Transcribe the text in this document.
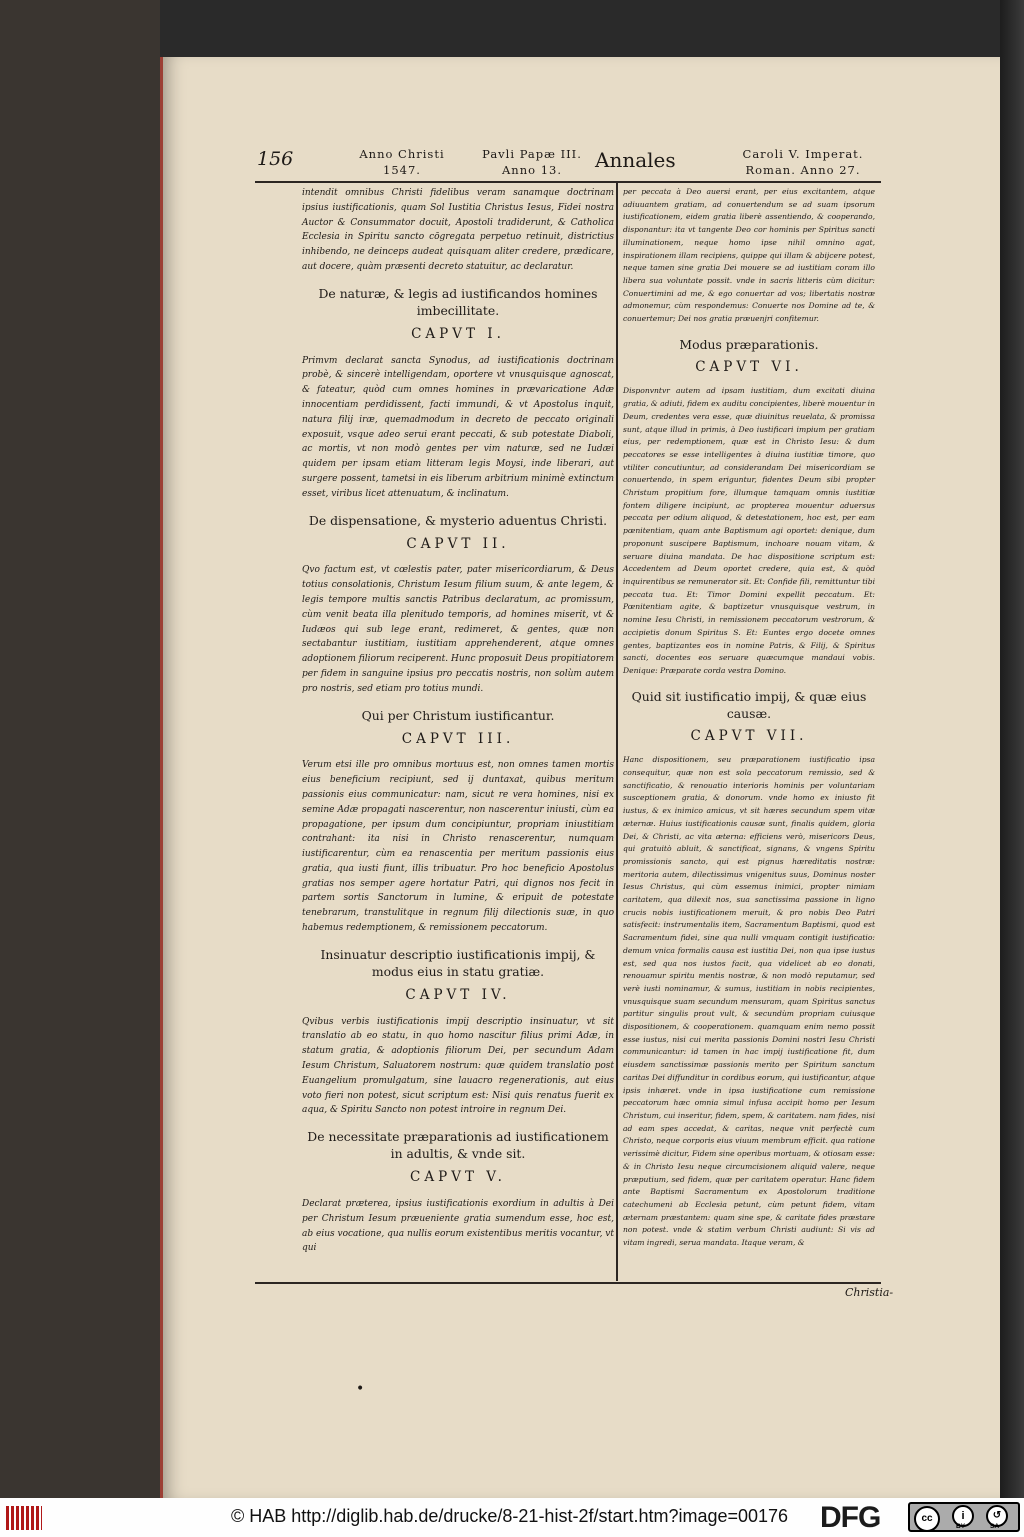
156	Anno Christi
1547.
Pavli Papæ III.
Anno 13.	Annales	Caroli V. Imperat.
Roman. Anno 27.

intendit omnibus Christi fidelibus veram sanamque doctrinam ipsius iustificationis, quam Sol Iustitia Christus Iesus, Fidei nostra Auctor & Consummator docuit, Apostoli tradiderunt, & Catholica Ecclesia in Spiritu sancto cōgregata perpetuo retinuit, districtius inhibendo, ne deinceps audeat quisquam aliter credere, prædicare, aut docere, quàm præsenti decreto statuitur, ac declaratur.

De naturæ, & legis ad iustificandos homines imbecillitate.

CAPVT I.

Primvm declarat sancta Synodus, ad iustificationis doctrinam probè, & sincerè intelligendam, oportere vt vnusquisque agnoscat, & fateatur, quòd cum omnes homines in prævaricatione Adæ innocentiam perdidissent, facti immundi, & vt Apostolus inquit, natura filij iræ, quemadmodum in decreto de peccato originali exposuit, vsque adeo serui erant peccati, & sub potestate Diaboli, ac mortis, vt non modò gentes per vim naturæ, sed ne Iudæi quidem per ipsam etiam litteram legis Moysi, inde liberari, aut surgere possent, tametsi in eis liberum arbitrium minimè extinctum esset, viribus licet attenuatum, & inclinatum.

De dispensatione, & mysterio aduentus Christi.

CAPVT II.

Qvo factum est, vt cœlestis pater, pater misericordiarum, & Deus totius consolationis, Christum Iesum filium suum, & ante legem, & legis tempore multis sanctis Patribus declaratum, ac promissum, cùm venit beata illa plenitudo temporis, ad homines miserit, vt & Iudæos qui sub lege erant, redimeret, & gentes, quæ non sectabantur iustitiam, iustitiam apprehenderent, atque omnes adoptionem filiorum reciperent. Hunc proposuit Deus propitiatorem per fidem in sanguine ipsius pro peccatis nostris, non solùm autem pro nostris, sed etiam pro totius mundi.

Qui per Christum iustificantur.

CAPVT III.

Verum etsi ille pro omnibus mortuus est, non omnes tamen mortis eius beneficium recipiunt, sed ij duntaxat, quibus meritum passionis eius communicatur: nam, sicut re vera homines, nisi ex semine Adæ propagati nascerentur, non nascerentur iniusti, cùm ea propagatione, per ipsum dum concipiuntur, propriam iniustitiam contrahant: ita nisi in Christo renascerentur, numquam iustificarentur, cùm ea renascentia per meritum passionis eius gratia, qua iusti fiunt, illis tribuatur. Pro hoc beneficio Apostolus gratias nos semper agere hortatur Patri, qui dignos nos fecit in partem sortis Sanctorum in lumine, & eripuit de potestate tenebrarum, transtulitque in regnum filij dilectionis suæ, in quo habemus redemptionem, & remissionem peccatorum.

Insinuatur descriptio iustificationis impij, & modus eius in statu gratiæ.

CAPVT IV.

Qvibus verbis iustificationis impij descriptio insinuatur, vt sit translatio ab eo statu, in quo homo nascitur filius primi Adæ, in statum gratia, & adoptionis filiorum Dei, per secundum Adam Iesum Christum, Saluatorem nostrum: quæ quidem translatio post Euangelium promulgatum, sine lauacro regenerationis, aut eius voto fieri non potest, sicut scriptum est: Nisi quis renatus fuerit ex aqua, & Spiritu Sancto non potest introire in regnum Dei.

De necessitate præparationis ad iustificationem in adultis, & vnde sit.

CAPVT V.

Declarat præterea, ipsius iustificationis exordium in adultis à Dei per Christum Iesum præueniente gratia sumendum esse, hoc est, ab eius vocatione, qua nullis eorum existentibus meritis vocantur, vt qui

per peccata à Deo auersi erant, per eius excitantem, atque adiuuantem gratiam, ad conuertendum se ad suam ipsorum iustificationem, eidem gratia liberè assentiendo, & cooperando, disponantur: ita vt tangente Deo cor hominis per Spiritus sancti illuminationem, neque homo ipse nihil omnino agat, inspirationem illam recipiens, quippe qui illam & abijcere potest, neque tamen sine gratia Dei mouere se ad iustitiam coram illo libera sua voluntate possit. vnde in sacris litteris cùm dicitur: Conuertimini ad me, & ego conuertar ad vos; libertatis nostræ admonemur, cùm respondemus: Conuerte nos Domine ad te, & conuertemur; Dei nos gratia præuenjri confitemur.

Modus præparationis.

CAPVT VI.

Disponvntvr autem ad ipsam iustitiam, dum excitati diuina gratia, & adiuti, fidem ex auditu concipientes, liberè mouentur in Deum, credentes vera esse, quæ diuinitus reuelata, & promissa sunt, atque illud in primis, à Deo iustificari impium per gratiam eius, per redemptionem, quæ est in Christo Iesu: & dum peccatores se esse intelligentes à diuina iustitiæ timore, quo vtiliter concutiuntur, ad considerandam Dei misericordiam se conuertendo, in spem eriguntur, fidentes Deum sibi propter Christum propitium fore, illumque tamquam omnis iustitiæ fontem diligere incipiunt, ac propterea mouentur aduersus peccata per odium aliquod, & detestationem, hoc est, per eam pœnitentiam, quam ante Baptismum agi oportet: denique, dum proponunt suscipere Baptismum, inchoare nouam vitam, & seruare diuina mandata. De hac dispositione scriptum est: Accedentem ad Deum oportet credere, quia est, & quòd inquirentibus se remunerator sit. Et: Confide fili, remittuntur tibi peccata tua. Et: Timor Domini expellit peccatum. Et: Pœnitentiam agite, & baptizetur vnusquisque vestrum, in nomine Iesu Christi, in remissionem peccatorum vestrorum, & accipietis donum Spiritus S. Et: Euntes ergo docete omnes gentes, baptizantes eos in nomine Patris, & Filij, & Spiritus sancti, docentes eos seruare quæcumque mandaui vobis. Denique: Præparate corda vestra Domino.

Quid sit iustificatio impij, & quæ eius causæ.

CAPVT VII.

Hanc dispositionem, seu præparationem iustificatio ipsa consequitur, quæ non est sola peccatorum remissio, sed & sanctificatio, & renouatio interioris hominis per voluntariam susceptionem gratia, & donorum. vnde homo ex iniusto fit iustus, & ex inimico amicus, vt sit hæres secundum spem vitæ æternæ. Huius iustificationis causæ sunt, finalis quidem, gloria Dei, & Christi, ac vita æterna: efficiens verò, misericors Deus, qui gratuitò abluit, & sanctificat, signans, & vngens Spiritu promissionis sancto, qui est pignus hæreditatis nostræ: meritoria autem, dilectissimus vnigenitus suus, Dominus noster Iesus Christus, qui cùm essemus inimici, propter nimiam caritatem, qua dilexit nos, sua sanctissima passione in ligno crucis nobis iustificationem meruit, & pro nobis Deo Patri satisfecit: instrumentalis item, Sacramentum Baptismi, quod est Sacramentum fidei, sine qua nulli vmquam contigit iustificatio: demum vnica formalis causa est iustitia Dei, non qua ipse iustus est, sed qua nos iustos facit, qua videlicet ab eo donati, renouamur spiritu mentis nostræ, & non modò reputamur, sed verè iusti nominamur, & sumus, iustitiam in nobis recipientes, vnusquisque suam secundum mensuram, quam Spiritus sanctus partitur singulis prout vult, & secundùm propriam cuiusque dispositionem, & cooperationem. quamquam enim nemo possit esse iustus, nisi cui merita passionis Domini nostri Iesu Christi communicantur: id tamen in hac impij iustificatione fit, dum eiusdem sanctissimæ passionis merito per Spiritum sanctum caritas Dei diffunditur in cordibus eorum, qui iustificantur, atque ipsis inhæret. vnde in ipsa iustificatione cum remissione peccatorum hæc omnia simul infusa accipit homo per Iesum Christum, cui inseritur, fidem, spem, & caritatem. nam fides, nisi ad eam spes accedat, & caritas, neque vnit perfectè cum Christo, neque corporis eius viuum membrum efficit. qua ratione verissimè dicitur, Fidem sine operibus mortuam, & otiosam esse: & in Christo Iesu neque circumcisionem aliquid valere, neque præputium, sed fidem, quæ per caritatem operatur. Hanc fidem ante Baptismi Sacramentum ex Apostolorum traditione catechumeni ab Ecclesia petunt, cùm petunt fidem, vitam æternam præstantem: quam sine spe, & caritate fides præstare non potest. vnde & statim verbum Christi audiunt: Si vis ad vitam ingredi, serua mandata. Itaque veram, &

Christia-
•
© HAB http://diglib.hab.de/drucke/8-21-hist-2f/start.htm?image=00176 DFG	cc	i	↺
BY	SA
